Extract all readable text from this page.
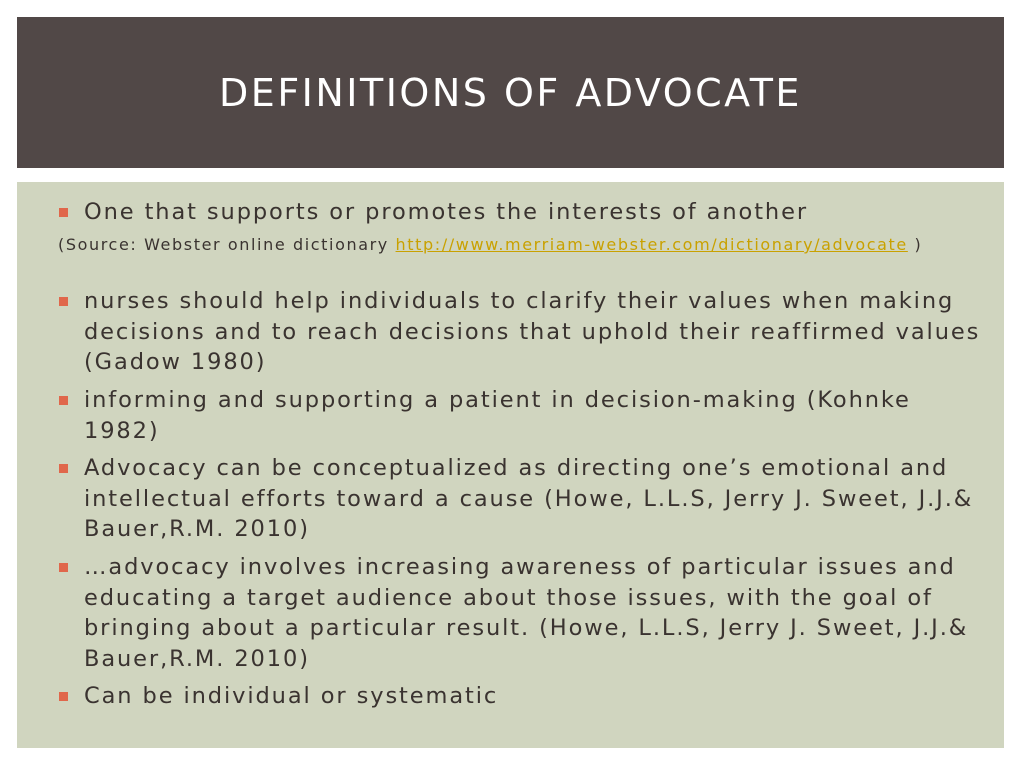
DEFINITIONS OF ADVOCATE
One that supports or promotes the interests of another
(Source: Webster online dictionary http://www.merriam-webster.com/dictionary/advocate )
nurses should help individuals to clarify their values when making decisions and to reach decisions that uphold their reaffirmed values (Gadow 1980)
informing and supporting a patient in decision-making (Kohnke 1982)
Advocacy can be conceptualized as directing one’s emotional and intellectual efforts toward a cause (Howe, L.L.S, Jerry J. Sweet, J.J.& Bauer,R.M. 2010)
…advocacy involves increasing awareness of particular issues and educating a target audience about those issues, with the goal of bringing about a particular result. (Howe, L.L.S, Jerry J. Sweet, J.J.& Bauer,R.M. 2010)
Can be individual or systematic
